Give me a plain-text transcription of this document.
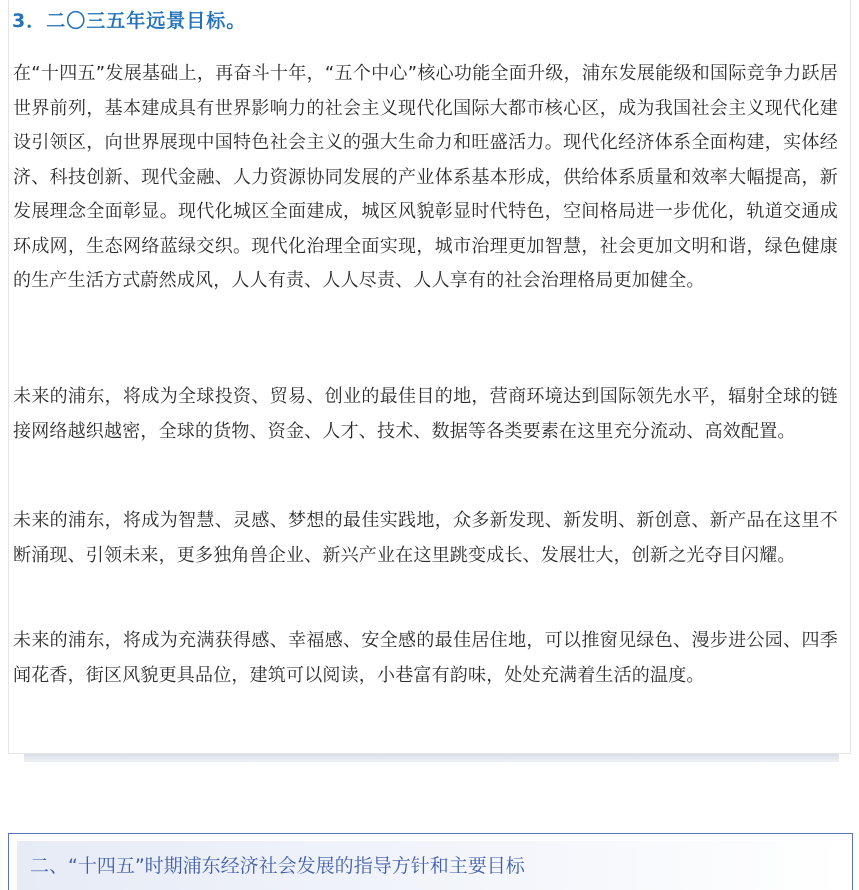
3．二〇三五年远景目标。

在“十四五”发展基础上，再奋斗十年，“五个中心”核心功能全面升级，浦东发展能级和国际竞争力跃居世界前列，基本建成具有世界影响力的社会主义现代化国际大都市核心区，成为我国社会主义现代化建设引领区，向世界展现中国特色社会主义的强大生命力和旺盛活力。现代化经济体系全面构建，实体经济、科技创新、现代金融、人力资源协同发展的产业体系基本形成，供给体系质量和效率大幅提高，新发展理念全面彰显。现代化城区全面建成，城区风貌彰显时代特色，空间格局进一步优化，轨道交通成环成网，生态网络蓝绿交织。现代化治理全面实现，城市治理更加智慧，社会更加文明和谐，绿色健康的生产生活方式蔚然成风，人人有责、人人尽责、人人享有的社会治理格局更加健全。

未来的浦东，将成为全球投资、贸易、创业的最佳目的地，营商环境达到国际领先水平，辐射全球的链接网络越织越密，全球的货物、资金、人才、技术、数据等各类要素在这里充分流动、高效配置。

未来的浦东，将成为智慧、灵感、梦想的最佳实践地，众多新发现、新发明、新创意、新产品在这里不断涌现、引领未来，更多独角兽企业、新兴产业在这里跳变成长、发展壮大，创新之光夺目闪耀。

未来的浦东，将成为充满获得感、幸福感、安全感的最佳居住地，可以推窗见绿色、漫步进公园、四季闻花香，街区风貌更具品位，建筑可以阅读，小巷富有韵味，处处充满着生活的温度。

二、“十四五”时期浦东经济社会发展的指导方针和主要目标
